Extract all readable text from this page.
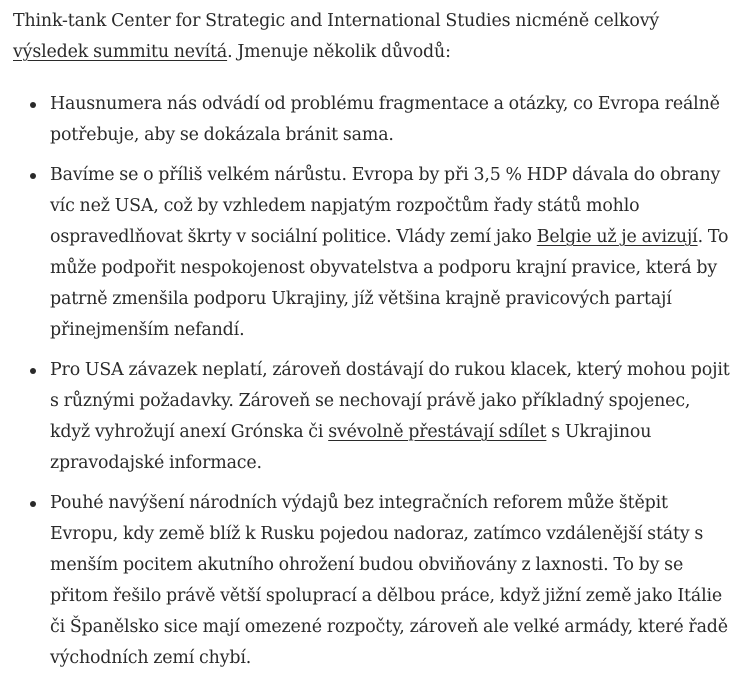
Think-tank Center for Strategic and International Studies nicméně celkový výsledek summitu nevítá. Jmenuje několik důvodů:

Hausnumera nás odvádí od problému fragmentace a otázky, co Evropa reálně potřebuje, aby se dokázala bránit sama.
Bavíme se o příliš velkém nárůstu. Evropa by při 3,5 % HDP dávala do obrany víc než USA, což by vzhledem napjatým rozpočtům řady států mohlo ospravedlňovat škrty v sociální politice. Vlády zemí jako Belgie už je avizují. To může podpořit nespokojenost obyvatelstva a podporu krajní pravice, která by patrně zmenšila podporu Ukrajiny, jíž většina krajně pravicových partají přinejmenším nefandí.
Pro USA závazek neplatí, zároveň dostávají do rukou klacek, který mohou pojit s různými požadavky. Zároveň se nechovají právě jako příkladný spojenec, když vyhrožují anexí Grónska či svévolně přestávají sdílet s Ukrajinou zpravodajské informace.
Pouhé navýšení národních výdajů bez integračních reforem může štěpit Evropu, kdy země blíž k Rusku pojedou nadoraz, zatímco vzdálenější státy s menším pocitem akutního ohrožení budou obviňovány z laxnosti. To by se přitom řešilo právě větší spoluprací a dělbou práce, když jižní země jako Itálie či Španělsko sice mají omezené rozpočty, zároveň ale velké armády, které řadě východních zemí chybí.
